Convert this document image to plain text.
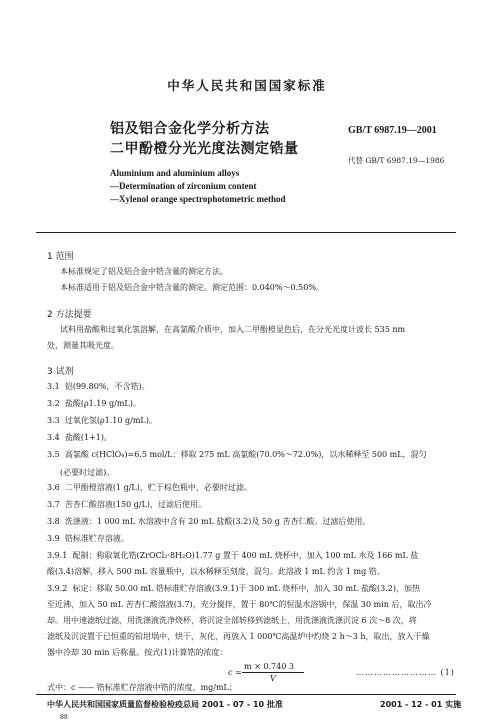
中华人民共和国国家标准
铝及铝合金化学分析方法
二甲酚橙分光光度法测定锆量
GB/T 6987.19—2001
代替 GB/T 6987.19—1986
Aluminium and aluminium alloys
—Determination of zirconium content
—Xylenol orange spectrophotometric method
1 范围
本标准规定了铝及铝合金中锆含量的测定方法。
本标准适用于铝及铝合金中锆含量的测定。测定范围：0.040%～0.50%。
2 方法提要
试料用盐酸和过氧化氢溶解，在高氯酸介质中，加入二甲酚橙显色后，在分光光度计波长 535 nm
处，测量其吸光度。
3 试剂
3.1 铝(99.80%，不含锆)。
3.2 盐酸(ρ1.19 g/mL)。
3.3 过氧化氢(ρ1.10 g/mL)。
3.4 盐酸(1+1)。
3.5 高氯酸 c(HClO₄)=6.5 mol/L：移取 275 mL 高氯酸(70.0%～72.0%)，以水稀释至 500 mL，混匀
(必要时过滤)。
3.6 二甲酚橙溶液(1 g/L)，贮于棕色瓶中，必要时过滤。
3.7 苦杏仁酸溶液(150 g/L)，过滤后使用。
3.8 洗涤液：1 000 mL 水溶液中含有 20 mL 盐酸(3.2)及 50 g 苦杏仁酸。过滤后使用。
3.9 锆标准贮存溶液。
3.9.1 配制：称取氧化锆(ZrOCl₂·8H₂O)1.77 g 置于 400 mL 烧杯中，加入 100 mL 水及 166 mL 盐
酸(3.4)溶解，移入 500 mL 容量瓶中，以水稀释至刻度，混匀。此溶液 1 mL 约含 1 mg 锆。
3.9.2 标定：移取 50.00 mL 锆标准贮存溶液(3.9.1)于 300 mL 烧杯中，加入 30 mL 盐酸(3.2)，加热
至近沸，加入 50 mL 苦杏仁酸溶液(3.7)，充分搅拌，置于 80℃的恒温水浴锅中，保温 30 min 后，取出冷
却。用中速滤纸过滤，用洗涤液洗净烧杯，将沉淀全部转移到滤纸上，用洗涤液洗涤沉淀 6 次～8 次，将
滤纸及沉淀置于已恒重的铂坩埚中，烘干，灰化，再放入 1 000℃高温炉中灼烧 2 h～3 h，取出，放入干燥
器中冷却 30 min 后称量。按式(1)计算锆的浓度：
c =
m × 0.740 3
V
……………………… (1)
式中：c —— 锆标准贮存溶液中锆的浓度，mg/mL；
中华人民共和国国家质量监督检验检疫总局 2001 - 07 - 10 批准	2001 - 12 - 01 实施
88
